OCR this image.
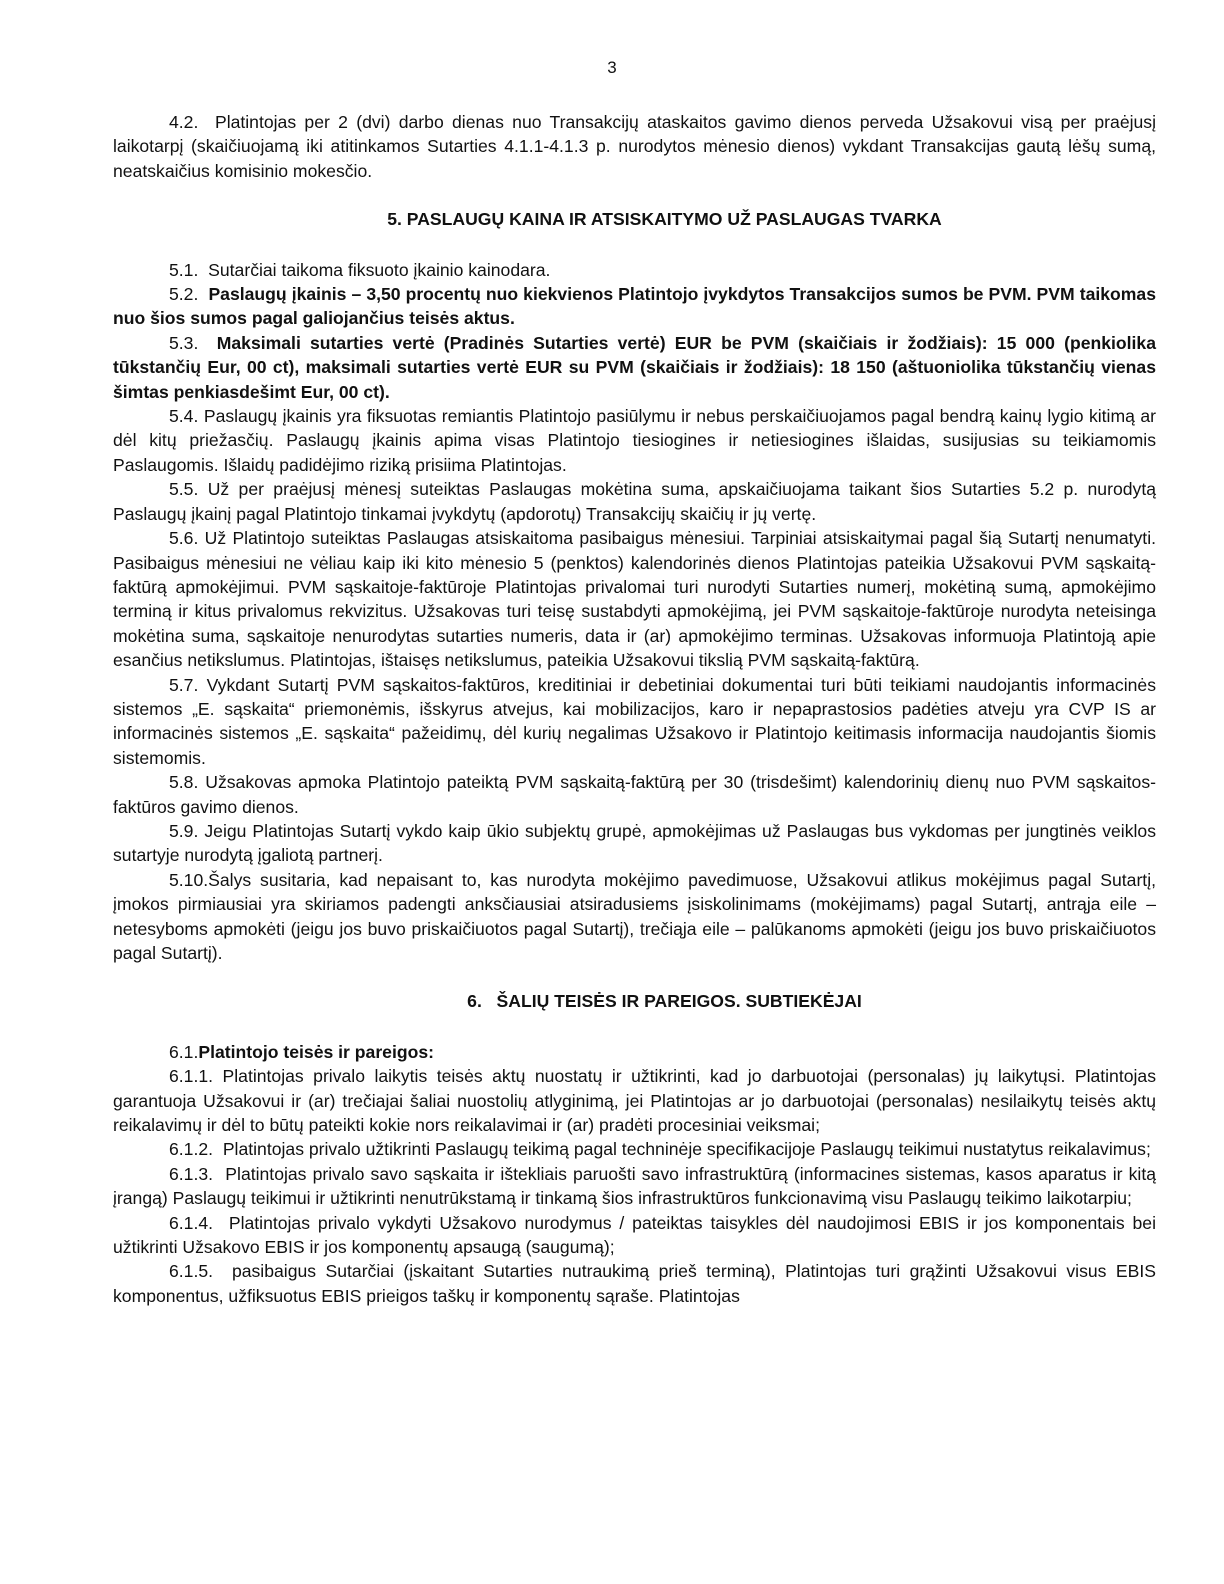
3

4.2. Platintojas per 2 (dvi) darbo dienas nuo Transakcijų ataskaitos gavimo dienos perveda Užsakovui visą per praėjusį laikotarpį (skaičiuojamą iki atitinkamos Sutarties 4.1.1-4.1.3 p. nurodytos mėnesio dienos) vykdant Transakcijas gautą lėšų sumą, neatskaičius komisinio mokesčio.

5. PASLAUGŲ KAINA IR ATSISKAITYMO UŽ PASLAUGAS TVARKA

5.1. Sutarčiai taikoma fiksuoto įkainio kainodara.

5.2. Paslaugų įkainis – 3,50 procentų nuo kiekvienos Platintojo įvykdytos Transakcijos sumos be PVM. PVM taikomas nuo šios sumos pagal galiojančius teisės aktus.

5.3. Maksimali sutarties vertė (Pradinės Sutarties vertė) EUR be PVM (skaičiais ir žodžiais): 15 000 (penkiolika tūkstančių Eur, 00 ct), maksimali sutarties vertė EUR su PVM (skaičiais ir žodžiais): 18 150 (aštuoniolika tūkstančių vienas šimtas penkiasdešimt Eur, 00 ct).

5.4. Paslaugų įkainis yra fiksuotas remiantis Platintojo pasiūlymu ir nebus perskaičiuojamos pagal bendrą kainų lygio kitimą ar dėl kitų priežasčių. Paslaugų įkainis apima visas Platintojo tiesiogines ir netiesiogines išlaidas, susijusias su teikiamomis Paslaugomis. Išlaidų padidėjimo riziką prisiima Platintojas.

5.5. Už per praėjusį mėnesį suteiktas Paslaugas mokėtina suma, apskaičiuojama taikant šios Sutarties 5.2 p. nurodytą Paslaugų įkainį pagal Platintojo tinkamai įvykdytų (apdorotų) Transakcijų skaičių ir jų vertę.

5.6. Už Platintojo suteiktas Paslaugas atsiskaitoma pasibaigus mėnesiui. Tarpiniai atsiskaitymai pagal šią Sutartį nenumatyti. Pasibaigus mėnesiui ne vėliau kaip iki kito mėnesio 5 (penktos) kalendorinės dienos Platintojas pateikia Užsakovui PVM sąskaitą-faktūrą apmokėjimui. PVM sąskaitoje-faktūroje Platintojas privalomai turi nurodyti Sutarties numerį, mokėtiną sumą, apmokėjimo terminą ir kitus privalomus rekvizitus. Užsakovas turi teisę sustabdyti apmokėjimą, jei PVM sąskaitoje-faktūroje nurodyta neteisinga mokėtina suma, sąskaitoje nenurodytas sutarties numeris, data ir (ar) apmokėjimo terminas. Užsakovas informuoja Platintoją apie esančius netikslumus. Platintojas, ištaisęs netikslumus, pateikia Užsakovui tikslią PVM sąskaitą-faktūrą.

5.7. Vykdant Sutartį PVM sąskaitos-faktūros, kreditiniai ir debetiniai dokumentai turi būti teikiami naudojantis informacinės sistemos „E. sąskaita“ priemonėmis, išskyrus atvejus, kai mobilizacijos, karo ir nepaprastosios padėties atveju yra CVP IS ar informacinės sistemos „E. sąskaita“ pažeidimų, dėl kurių negalimas Užsakovo ir Platintojo keitimasis informacija naudojantis šiomis sistemomis.

5.8. Užsakovas apmoka Platintojo pateiktą PVM sąskaitą-faktūrą per 30 (trisdešimt) kalendorinių dienų nuo PVM sąskaitos-faktūros gavimo dienos.

5.9. Jeigu Platintojas Sutartį vykdo kaip ūkio subjektų grupė, apmokėjimas už Paslaugas bus vykdomas per jungtinės veiklos sutartyje nurodytą įgaliotą partnerį.

5.10.Šalys susitaria, kad nepaisant to, kas nurodyta mokėjimo pavedimuose, Užsakovui atlikus mokėjimus pagal Sutartį, įmokos pirmiausiai yra skiriamos padengti anksčiausiai atsiradusiems įsiskolinimams (mokėjimams) pagal Sutartį, antrąja eile – netesyboms apmokėti (jeigu jos buvo priskaičiuotos pagal Sutartį), trečiąja eile – palūkanoms apmokėti (jeigu jos buvo priskaičiuotos pagal Sutartį).

6.   ŠALIŲ TEISĖS IR PAREIGOS. SUBTIEKĖJAI

6.1.Platintojo teisės ir pareigos:

6.1.1. Platintojas privalo laikytis teisės aktų nuostatų ir užtikrinti, kad jo darbuotojai (personalas) jų laikytųsi. Platintojas garantuoja Užsakovui ir (ar) trečiajai šaliai nuostolių atlyginimą, jei Platintojas ar jo darbuotojai (personalas) nesilaikytų teisės aktų reikalavimų ir dėl to būtų pateikti kokie nors reikalavimai ir (ar) pradėti procesiniai veiksmai;

6.1.2. Platintojas privalo užtikrinti Paslaugų teikimą pagal techninėje specifikacijoje Paslaugų teikimui nustatytus reikalavimus;

6.1.3. Platintojas privalo savo sąskaita ir ištekliais paruošti savo infrastruktūrą (informacines sistemas, kasos aparatus ir kitą įrangą) Paslaugų teikimui ir užtikrinti nenutrūkstamą ir tinkamą šios infrastruktūros funkcionavimą visu Paslaugų teikimo laikotarpiu;

6.1.4. Platintojas privalo vykdyti Užsakovo nurodymus / pateiktas taisykles dėl naudojimosi EBIS ir jos komponentais bei užtikrinti Užsakovo EBIS ir jos komponentų apsaugą (saugumą);

6.1.5. pasibaigus Sutarčiai (įskaitant Sutarties nutraukimą prieš terminą), Platintojas turi grąžinti Užsakovui visus EBIS komponentus, užfiksuotus EBIS prieigos taškų ir komponentų sąraše. Platintojas
